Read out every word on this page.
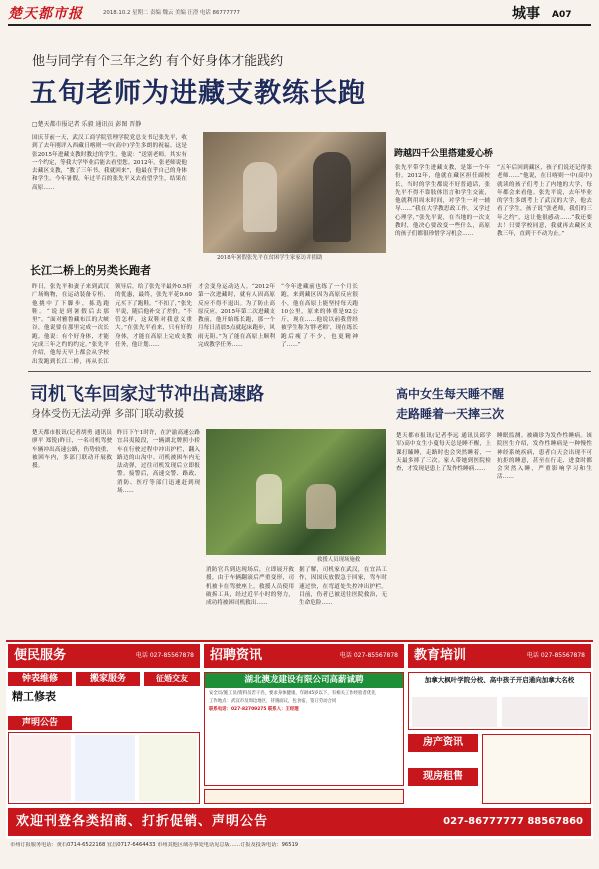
楚天都市报	2018.10.2 星期二 责编 魏云 美编 汪澄 电话 86777777	城事 A07
他与同学有个三年之约 有个好身体才能践约
五旬老师为进藏支教练长跑
□楚天都市报记者 乐毅 通讯员 彭图 晋静
国庆节前一天，武汉工商学院管理学院党总支书记张先平，收到了去年刚评入西藏日喀则一中(高中)学生多朗的祝福。这是张2015年进藏支教时教过的学生，他说：“送别老师，其实有一个约定，等我大学毕业后能去看望您。2012年，张老师说他去藏区支教，“教了三年书，我就回来”，他最在乎自己的身体和学生。今年暑假，年过半百的张先平又去看望学生，结果在高原……
2018年暑假张先平在贫困学生家家访并捐助
长江二桥上的另类长跑者
昨日，张先平和妻子来到武汉广场购物，在运动装备专柜，他挑中了下脚步，拣选跑鞋。“说是到暑假后去那里”。“面对雅鲁藏布江的大峡谷，他说要在那里完成一次长跑。他说：有个好身体，才能完成三年之约的约定。”张先平介绍，他每天早上都会从学校出发跑到长江二桥，再从长江
领导后，给了张先平最外0.5折的优惠，最终，张先平花9.60元买下了跑鞋。“不扣了，”张先平说，随后他补交了差价。“不管怎样，这双鞋对我意义重大。”在张先平看来，只有好的身体，才能在高原上完成支教任务，他计划……
才会变身运动达人。“2012年第一次进藏时，就有人因高原反应不得不退出。为了防止高原反应，2015年第二次进藏支教前，他开始练长跑，那一个月每日清晨5点就起床跑步，风雨无阻。”为了能在高原上顺利完成教学任务……
“今年进藏前也练了一个月长跑，来到藏区因为高原反应很小，他在高原上能坚持每天跑10公里，原来的体重是92公斤，现在……他说以前我曾经被学生称为‘胖老师’，现在练长跑后瘦了不少，也更精神了……”
跨越四千公里搭建爱心桥
张先平带学生进藏支教，是第一个年份。2012年，他就在藏区担任副校长，当时的学生都说不好普通话，张先平不得不靠肢体语言和学生交流，他就利用周末时间，对学生一对一辅导……“我在大学教思政工作，又学过心理学，”张先平说，在当地的一次支教时，他决心要改变一些什么，高原的孩子们都很珍惜学习机会……
“五年后回到藏区，孩子们说还记得张老师……”他说，在日喀则一中(高中)就读的孩子们考上了内地的大学，每年都会来看他。张先平说，去年毕业的学生多朗考上了武汉的大学，他去看了学生，孩子说“张老师，我们的三年之约”，这让他很感动……“我还要去！只要学校同意，我就再去藏区支教三年，直到干不动为止。”
司机飞车回家过节冲出高速路
身体受伤无法动弹 多部门联动救援
楚天都市报讯(记者胡勇 通讯员廖平 郑锐)昨日，一名司机驾驶车辆冲出高速公路，伤势较重，被困车内，多部门联动开展救援。
昨日下午1时许，在沪渝高速公路宜昌夷陵段，一辆湖北牌照小轿车在行驶过程中冲出护栏，翻入路边的山沟中。司机被困车内无法动弹，过往司机发现后立即报警。接警后，高速交警、路政、消防、医疗等部门迅速赶到现场……
救援人员现场施救
消防官兵到达现场后，立即展开救援。由于车辆翻滚后严重变形，司机被卡在驾驶座上，救援人员使用破拆工具，经过近半小时的努力，成功将被困司机救出……
据了解，司机家在武汉，在宜昌工作，因国庆放假急于回家，驾车时速过快，在弯道处失控冲出护栏。目前，伤者已被送往医院救治，无生命危险……
高中女生每天睡不醒
走路睡着一天摔三次
楚天都市报讯(记者李远 通讯员邱学军)高中女生小蔓每天总是睡不醒，上课打瞌睡，走路时也会突然睡着，一天最多摔了三次。家人带她到医院检查，才发现是患上了发作性睡病……
睡眠监测。被确诊为发作性睡病。该院医生介绍，发作性睡病是一种慢性神经系统疾病，患者白天会出现不可抗拒的睡意，甚至在行走、进食时都会突然入睡，严重影响学习和生活……
便民服务	电话 027-85567878 招聘资讯	电话 027-85567878 教育培训	电话 027-85567878
钟表维修	搬家服务	征婚交友
声明公告
精工修表
湖北澳龙建设有限公司高薪诚聘
安全员/施工员/资料员若干名，要求身体健康，年龄45岁以下，有相关工作经验者优先
工作地点：武汉市及周边地区，待遇面议，包食宿，签订劳动合同
联系电话：027-82709275 联系人：王经理
加拿大枫叶学院分校、高中孩子开启通向加拿大名校
房产资讯
现房租售
欢迎刊登各类招商、打折促销、声明公告	027-86777777 88567860
市州订报服务电话：黄石0714-6522168 宜昌0717-6464433 市州其他区域办事处电话见总版……订报及投诉电话：96519
